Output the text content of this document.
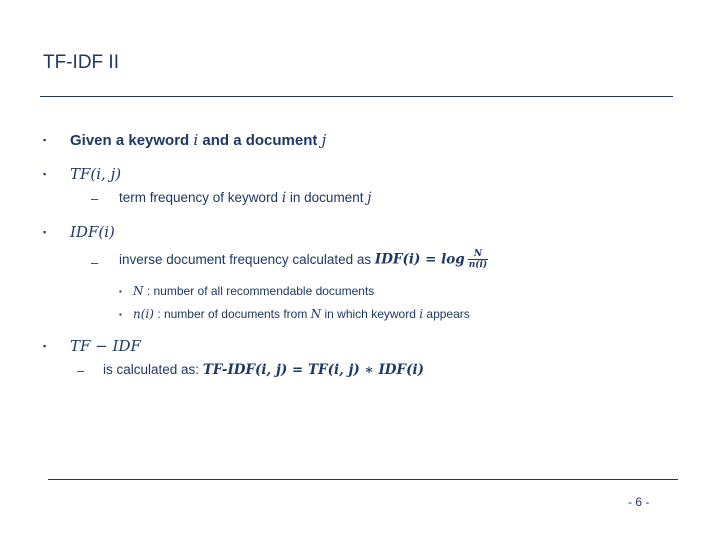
TF-IDF II
▪ Given a keyword i and a document j
▪ TF(i, j)
– term frequency of keyword i in document j
▪ IDF(i)
– inverse document frequency calculated as $IDF(i) = \log \frac{N}{n(i)}$
▪ N : number of all recommendable documents
▪ n(i) : number of documents from N in which keyword i appears
▪ TF − IDF
– is calculated as: TF-IDF(i, j) = TF(i, j) ∗ IDF(i)
- 6 -
